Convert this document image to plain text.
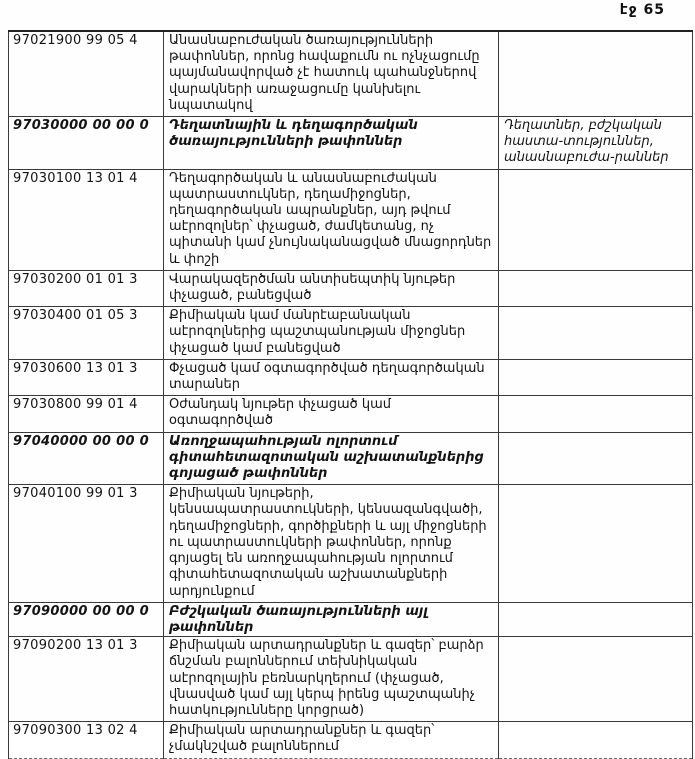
էջ 65
97021900 99 05 4	Անասնաբուժական ծառայությունների թափոններ, որոնց հավաքումն ու ոչնչացումը պայմանավորված չէ հատուկ պահանջներով վարակների առաջացումը կանխելու նպատակով	
97030000 00 00 0	Դեղատնային և դեղագործական ծառայությունների թափոններ	Դեղատներ, բժշկական հաստա-տություններ, անասնաբուժա-րաններ
97030100 13 01 4	Դեղագործական և անասնաբուժական պատրաստուկներ, դեղամիջոցներ, դեղագործական ապրանքներ, այդ թվում աէրոզոլներ՝ փչացած, ժամկետանց, ոչ պիտանի կամ չնույնականացված մնացորդներ և փոշի	
97030200 01 01 3	Վարակազերծման անտիսեպտիկ նյութեր փչացած, բանեցված	
97030400 01 05 3	Քիմիական կամ մանրէաբանական աէրոզոլներից պաշտպանության միջոցներ փչացած կամ բանեցված	
97030600 13 01 3	Փչացած կամ օգտագործված դեղագործական տարաներ	
97030800 99 01 4	Օժանդակ նյութեր փչացած կամ օգտագործված	
97040000 00 00 0	Առողջապահության ոլորտում գիտահետազոտական աշխատանքներից գոյացած թափոններ	
97040100 99 01 3	Քիմիական նյութերի, կենսապատրաստուկների, կենսազանգվածի, դեղամիջոցների, գործիքների և այլ միջոցների ու պատրաստուկների թափոններ, որոնք գոյացել են առողջապահության ոլորտում գիտահետազոտական աշխատանքների արդյունքում	
97090000 00 00 0	Բժշկական ծառայությունների այլ թափոններ	
97090200 13 01 3	Քիմիական արտադրանքներ և գազեր՝ բարձր ճնշման բալոններում տեխնիկական աէրոզոլային բեռնարկղերում (փչացած, վնասված կամ այլ կերպ իրենց պաշտպանիչ հատկությունները կորցրած)	
97090300 13 02 4	Քիմիական արտադրանքներ և գազեր՝ չմակնշված բալոններում	
